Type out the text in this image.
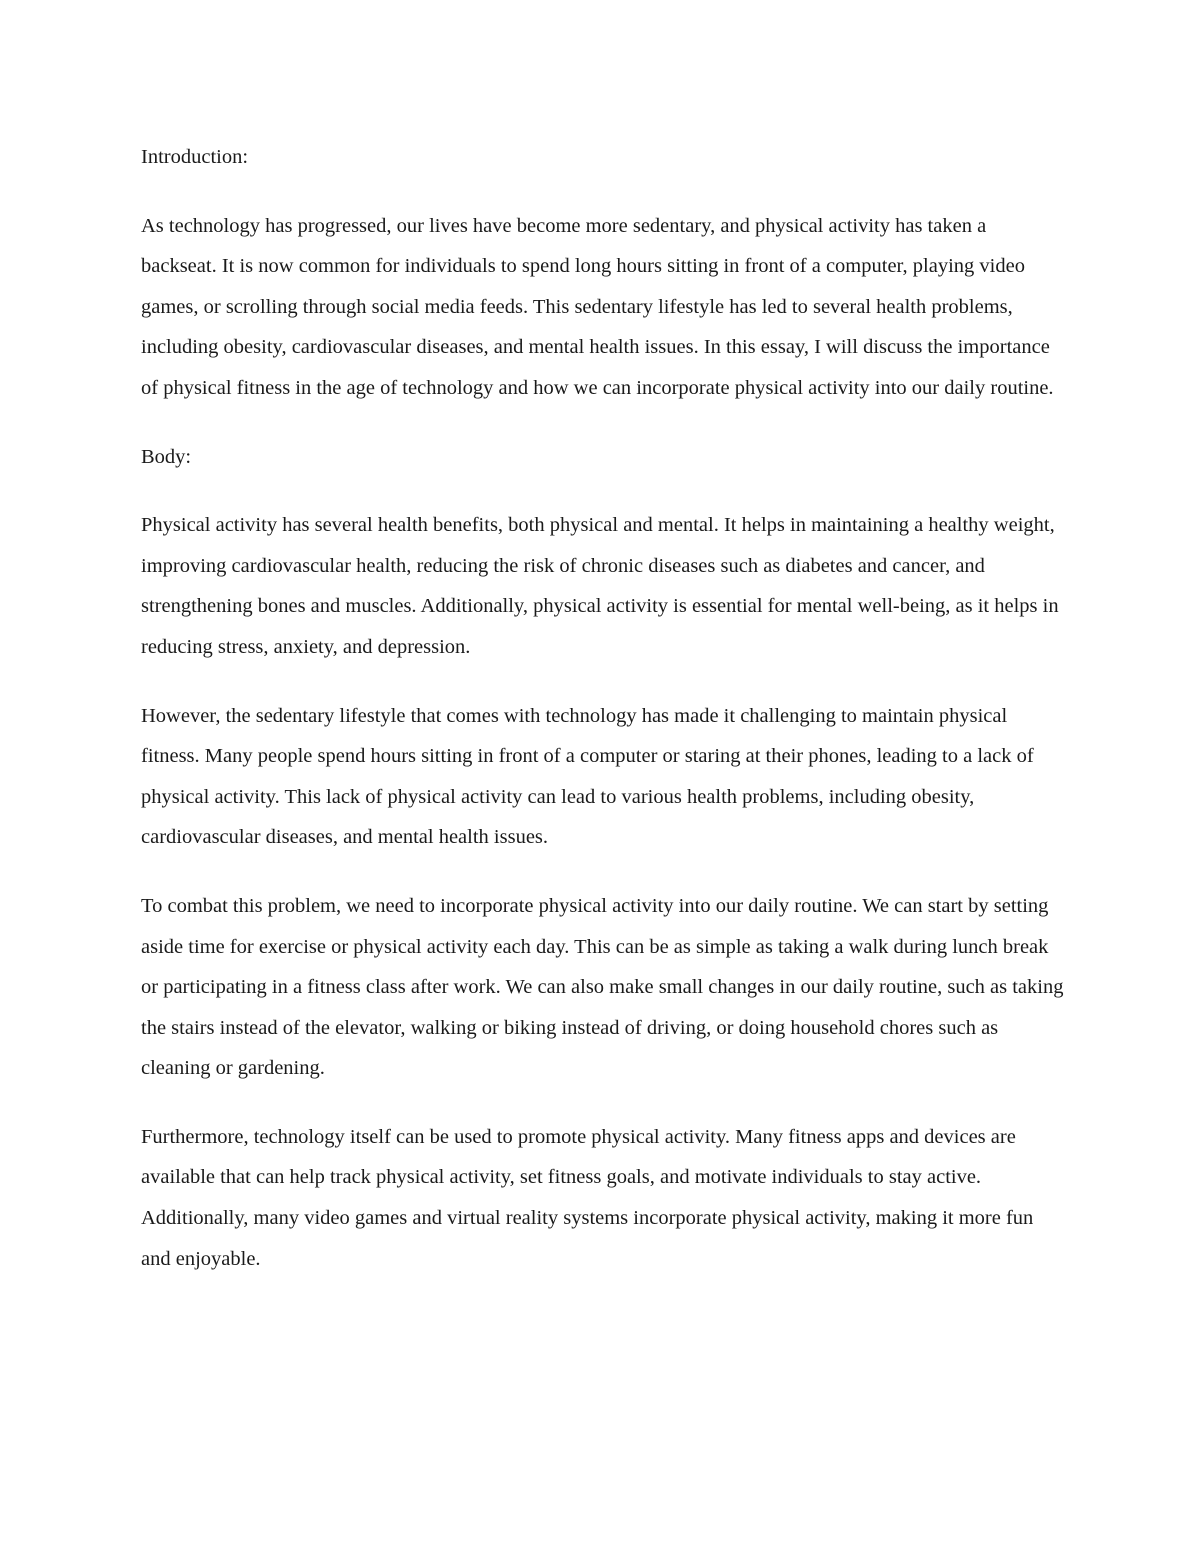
Introduction:

As technology has progressed, our lives have become more sedentary, and physical activity has taken a backseat. It is now common for individuals to spend long hours sitting in front of a computer, playing video games, or scrolling through social media feeds. This sedentary lifestyle has led to several health problems, including obesity, cardiovascular diseases, and mental health issues. In this essay, I will discuss the importance of physical fitness in the age of technology and how we can incorporate physical activity into our daily routine.

Body:

Physical activity has several health benefits, both physical and mental. It helps in maintaining a healthy weight, improving cardiovascular health, reducing the risk of chronic diseases such as diabetes and cancer, and strengthening bones and muscles. Additionally, physical activity is essential for mental well-being, as it helps in reducing stress, anxiety, and depression.

However, the sedentary lifestyle that comes with technology has made it challenging to maintain physical fitness. Many people spend hours sitting in front of a computer or staring at their phones, leading to a lack of physical activity. This lack of physical activity can lead to various health problems, including obesity, cardiovascular diseases, and mental health issues.

To combat this problem, we need to incorporate physical activity into our daily routine. We can start by setting aside time for exercise or physical activity each day. This can be as simple as taking a walk during lunch break or participating in a fitness class after work. We can also make small changes in our daily routine, such as taking the stairs instead of the elevator, walking or biking instead of driving, or doing household chores such as cleaning or gardening.

Furthermore, technology itself can be used to promote physical activity. Many fitness apps and devices are available that can help track physical activity, set fitness goals, and motivate individuals to stay active. Additionally, many video games and virtual reality systems incorporate physical activity, making it more fun and enjoyable.
